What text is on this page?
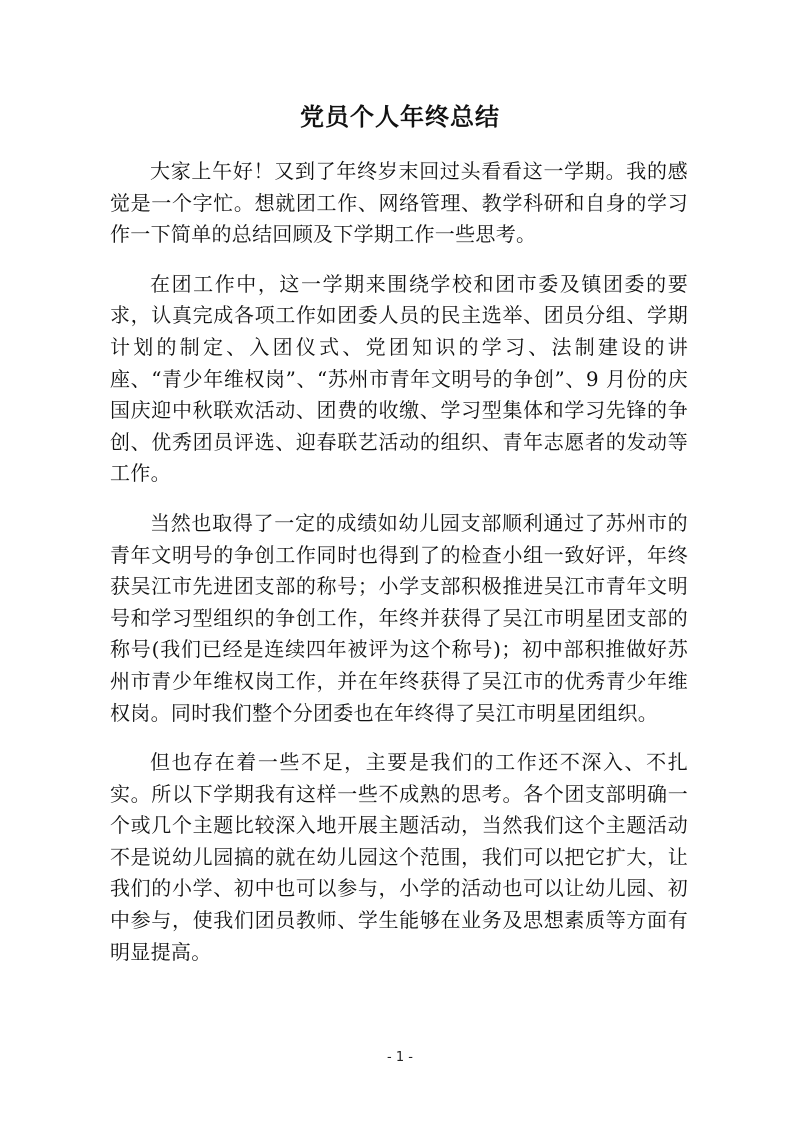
党员个人年终总结

大家上午好！又到了年终岁末回过头看看这一学期。我的感觉是一个字忙。想就团工作、网络管理、教学科研和自身的学习作一下简单的总结回顾及下学期工作一些思考。

在团工作中，这一学期来围绕学校和团市委及镇团委的要求，认真完成各项工作如团委人员的民主选举、团员分组、学期计划的制定、入团仪式、党团知识的学习、法制建设的讲座、“青少年维权岗”、“苏州市青年文明号的争创”、9 月份的庆国庆迎中秋联欢活动、团费的收缴、学习型集体和学习先锋的争创、优秀团员评选、迎春联艺活动的组织、青年志愿者的发动等工作。

当然也取得了一定的成绩如幼儿园支部顺利通过了苏州市的青年文明号的争创工作同时也得到了的检查小组一致好评，年终获吴江市先进团支部的称号；小学支部积极推进吴江市青年文明号和学习型组织的争创工作，年终并获得了吴江市明星团支部的称号(我们已经是连续四年被评为这个称号)；初中部积推做好苏州市青少年维权岗工作，并在年终获得了吴江市的优秀青少年维权岗。同时我们整个分团委也在年终得了吴江市明星团组织。

但也存在着一些不足，主要是我们的工作还不深入、不扎实。所以下学期我有这样一些不成熟的思考。各个团支部明确一个或几个主题比较深入地开展主题活动，当然我们这个主题活动不是说幼儿园搞的就在幼儿园这个范围，我们可以把它扩大，让我们的小学、初中也可以参与，小学的活动也可以让幼儿园、初中参与，使我们团员教师、学生能够在业务及思想素质等方面有明显提高。

- 1 -
